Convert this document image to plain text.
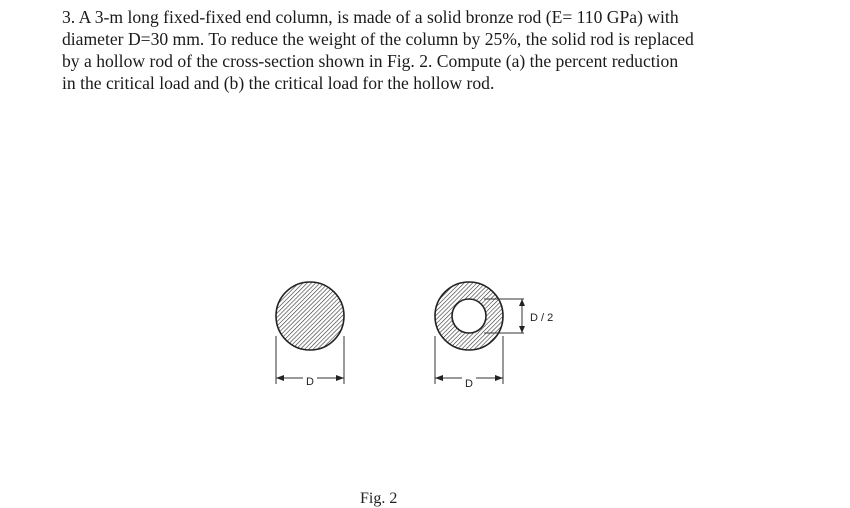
3. A 3-m long fixed-fixed end column, is made of a solid bronze rod (E= 110 GPa) with
diameter D=30 mm. To reduce the weight of the column by 25%, the solid rod is replaced
by a hollow rod of the cross-section shown in Fig. 2. Compute (a) the percent reduction
in the critical load and (b) the critical load for the hollow rod.

D	D
D / 2
Fig. 2
